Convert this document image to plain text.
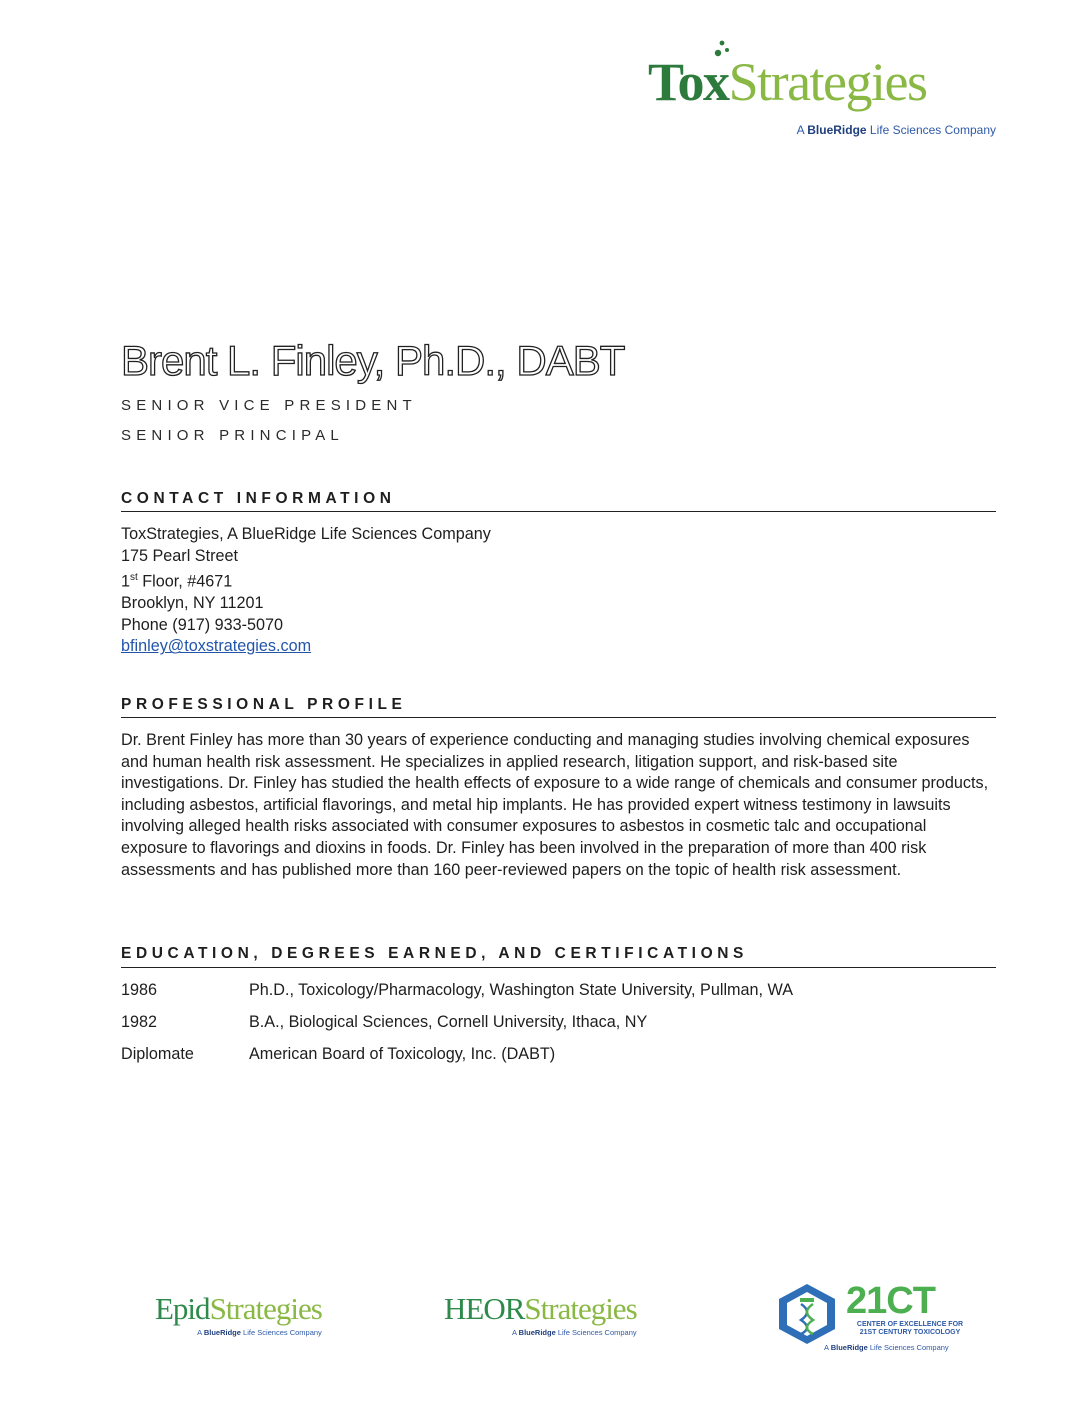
ToxStrategies
A BlueRidge Life Sciences Company
Brent L. Finley, Ph.D., DABT
SENIOR VICE PRESIDENT
SENIOR PRINCIPAL
CONTACT INFORMATION
ToxStrategies, A BlueRidge Life Sciences Company
175 Pearl Street
1st Floor, #4671
Brooklyn, NY 11201
Phone (917) 933-5070
bfinley@toxstrategies.com
PROFESSIONAL PROFILE
Dr. Brent Finley has more than 30 years of experience conducting and managing studies involving chemical exposures and human health risk assessment. He specializes in applied research, litigation support, and risk-based site investigations. Dr. Finley has studied the health effects of exposure to a wide range of chemicals and consumer products, including asbestos, artificial flavorings, and metal hip implants. He has provided expert witness testimony in lawsuits involving alleged health risks associated with consumer exposures to asbestos in cosmetic talc and occupational exposure to flavorings and dioxins in foods. Dr. Finley has been involved in the preparation of more than 400 risk assessments and has published more than 160 peer-reviewed papers on the topic of health risk assessment.
EDUCATION, DEGREES EARNED, AND CERTIFICATIONS
1986	Ph.D., Toxicology/Pharmacology, Washington State University, Pullman, WA
1982	B.A., Biological Sciences, Cornell University, Ithaca, NY
Diplomate	American Board of Toxicology, Inc. (DABT)
EpidStrategies
A BlueRidge Life Sciences Company
HEORStrategies
A BlueRidge Life Sciences Company
21CT
CENTER OF EXCELLENCE FOR
21ST CENTURY TOXICOLOGY
A BlueRidge Life Sciences Company
